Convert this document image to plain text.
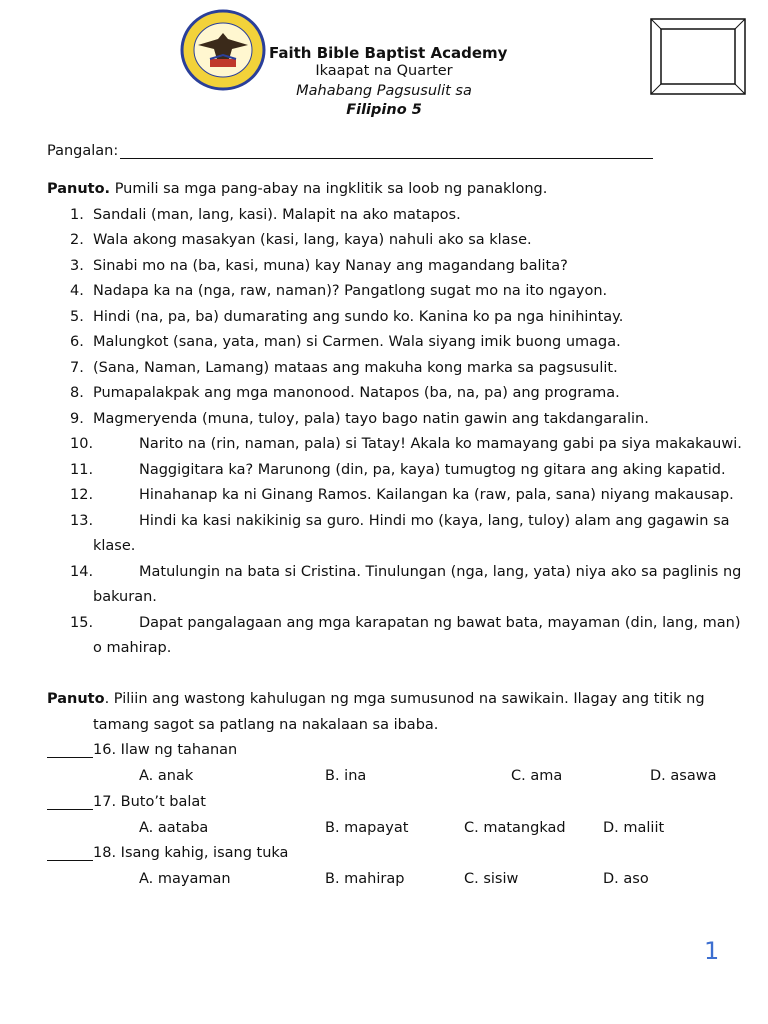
Faith Bible Baptist Academy
Ikaapat na Quarter
Mahabang Pagsusulit sa
Filipino 5
Pangalan:
Panuto. Pumili sa mga pang-abay na ingklitik sa loob ng panaklong.
1. Sandali (man, lang, kasi). Malapit na ako matapos.
2. Wala akong masakyan (kasi, lang, kaya) nahuli ako sa klase.
3. Sinabi mo na (ba, kasi, muna) kay Nanay ang magandang balita?
4. Nadapa ka na (nga, raw, naman)? Pangatlong sugat mo na ito ngayon.
5. Hindi (na, pa, ba) dumarating ang sundo ko. Kanina ko pa nga hinihintay.
6. Malungkot (sana, yata, man) si Carmen. Wala siyang imik buong umaga.
7. (Sana, Naman, Lamang) mataas ang makuha kong marka sa pagsusulit.
8. Pumapalakpak ang mga manonood. Natapos (ba, na, pa) ang programa.
9. Magmeryenda (muna, tuloy, pala) tayo bago natin gawin ang takdangaralin.
10.	Narito na (rin, naman, pala) si Tatay! Akala ko mamayang gabi pa siya makakauwi.
11.	Naggigitara ka? Marunong (din, pa, kaya) tumugtog ng gitara ang aking kapatid.
12.	Hinahanap ka ni Ginang Ramos. Kailangan ka (raw, pala, sana) niyang makausap.
13.	Hindi ka kasi nakikinig sa guro. Hindi mo (kaya, lang, tuloy) alam ang gagawin sa
klase.
14.	Matulungin na bata si Cristina. Tinulungan (nga, lang, yata) niya ako sa paglinis ng
bakuran.
15.	Dapat pangalagaan ang mga karapatan ng bawat bata, mayaman (din, lang, man)
o mahirap.
Panuto. Piliin ang wastong kahulugan ng mga sumusunod na sawikain. Ilagay ang titik ng
tamang sagot sa patlang na nakalaan sa ibaba.
16. Ilaw ng tahanan
A. anak	B. ina	C. ama	D. asawa
17. Buto’t balat
A. aataba	B. mapayat	C. matangkad	D. maliit
18. Isang kahig, isang tuka
A. mayaman	B. mahirap	C. sisiw	D. aso
1
